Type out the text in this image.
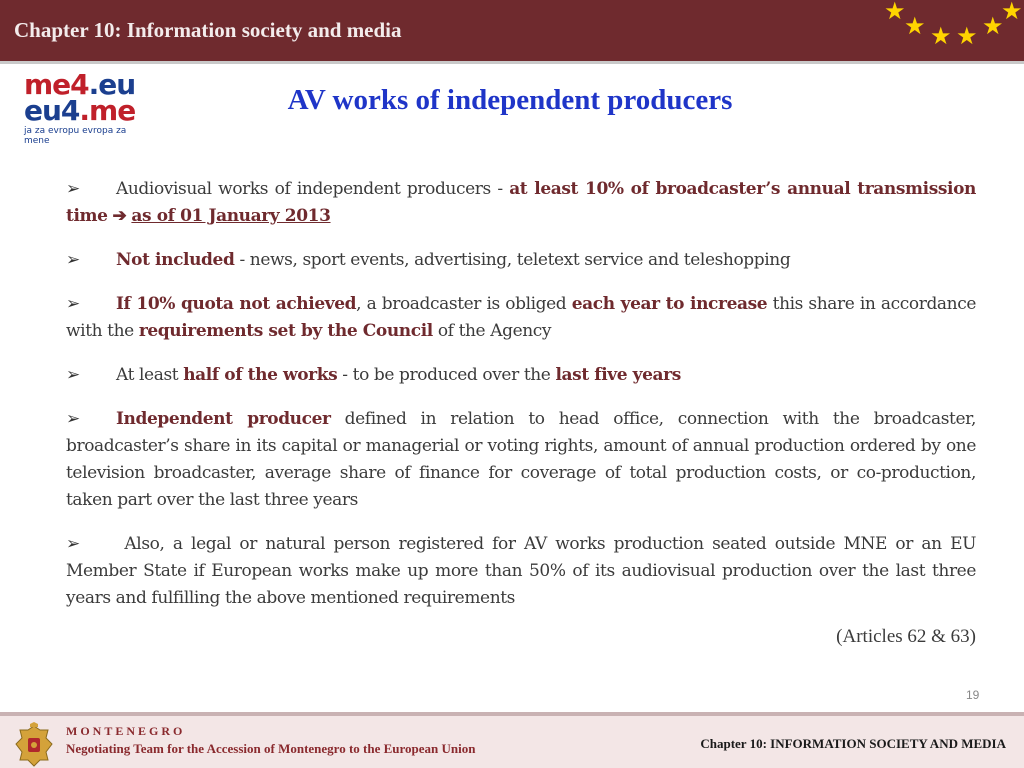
Chapter 10: Information society and media
★
★ ★ ★ ★
★
me4.eu
eu4.me
ja za evropu evropa za mene
AV works of independent producers

➢ Audiovisual works of independent producers - at least 10% of broadcaster’s annual transmission time ➔ as of 01 January 2013

➢ Not included - news, sport events, advertising, teletext service and teleshopping

➢ If 10% quota not achieved, a broadcaster is obliged each year to increase this share in accordance with the requirements set by the Council of the Agency

➢ At least half of the works - to be produced over the last five years

➢ Independent producer defined in relation to head office, connection with the broadcaster, broadcaster’s share in its capital or managerial or voting rights, amount of annual production ordered by one television broadcaster, average share of finance for coverage of total production costs, or co-production, taken part over the last three years

➢ Also, a legal or natural person registered for AV works production seated outside MNE or an EU Member State if European works make up more than 50% of its audiovisual production over the last three years and fulfilling the above mentioned requirements

(Articles 62 & 63)
19
MONTENEGRO
Negotiating Team for the Accession of Montenegro to the European Union	Chapter 10: INFORMATION SOCIETY AND MEDIA
